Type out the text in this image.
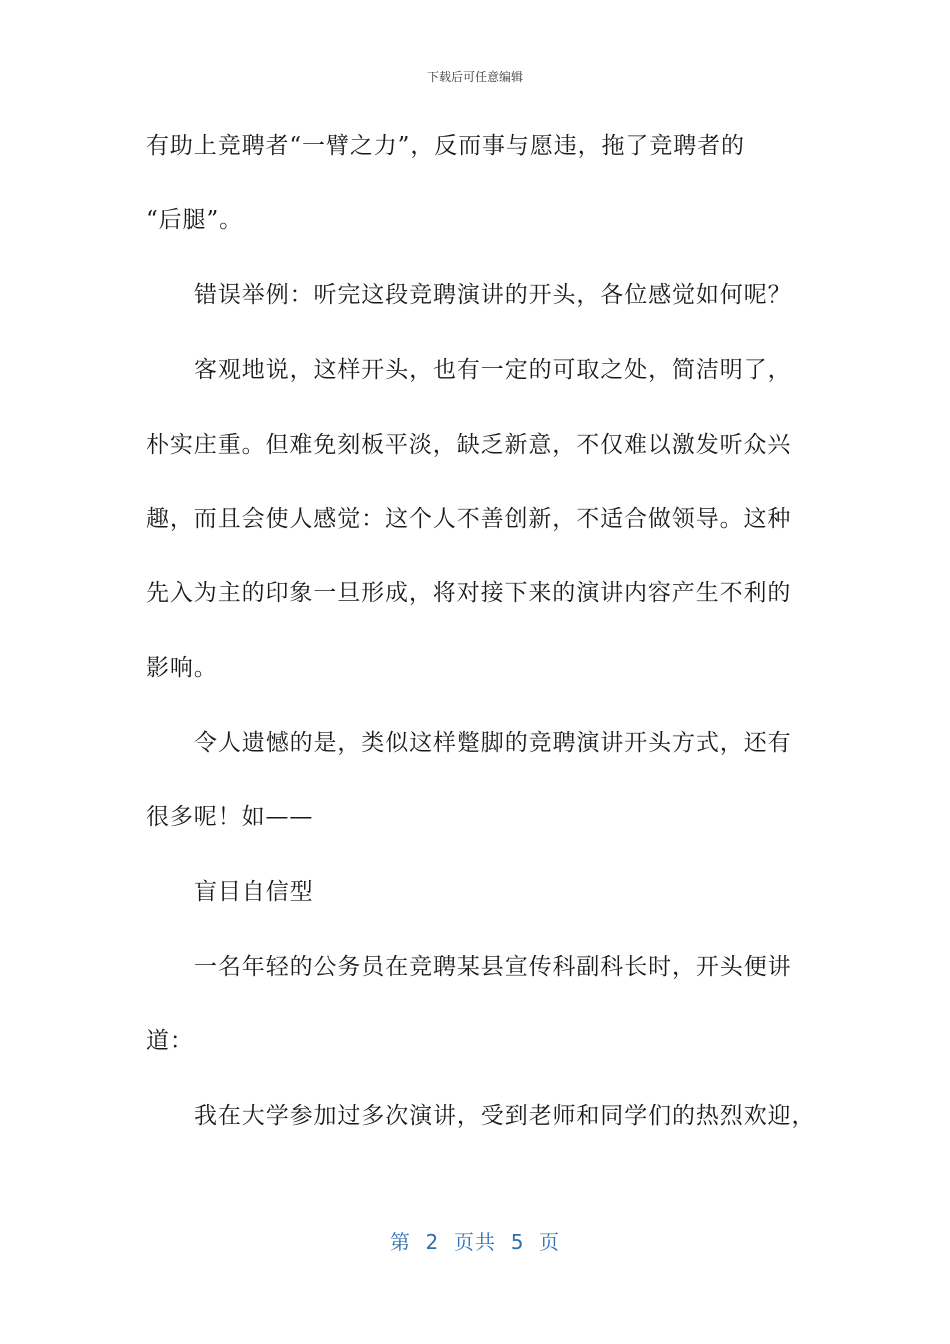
下载后可任意编辑
有助上竞聘者“一臂之力”，反而事与愿违，拖了竞聘者的
“后腿”。
错误举例：听完这段竞聘演讲的开头，各位感觉如何呢？
客观地说，这样开头，也有一定的可取之处，简洁明了，
朴实庄重。但难免刻板平淡，缺乏新意，不仅难以激发听众兴
趣，而且会使人感觉：这个人不善创新，不适合做领导。这种
先入为主的印象一旦形成，将对接下来的演讲内容产生不利的
影响。
令人遗憾的是，类似这样蹩脚的竞聘演讲开头方式，还有
很多呢！如——
盲目自信型
一名年轻的公务员在竞聘某县宣传科副科长时，开头便讲
道：
我在大学参加过多次演讲，受到老师和同学们的热烈欢迎，
第  2  页共  5  页
